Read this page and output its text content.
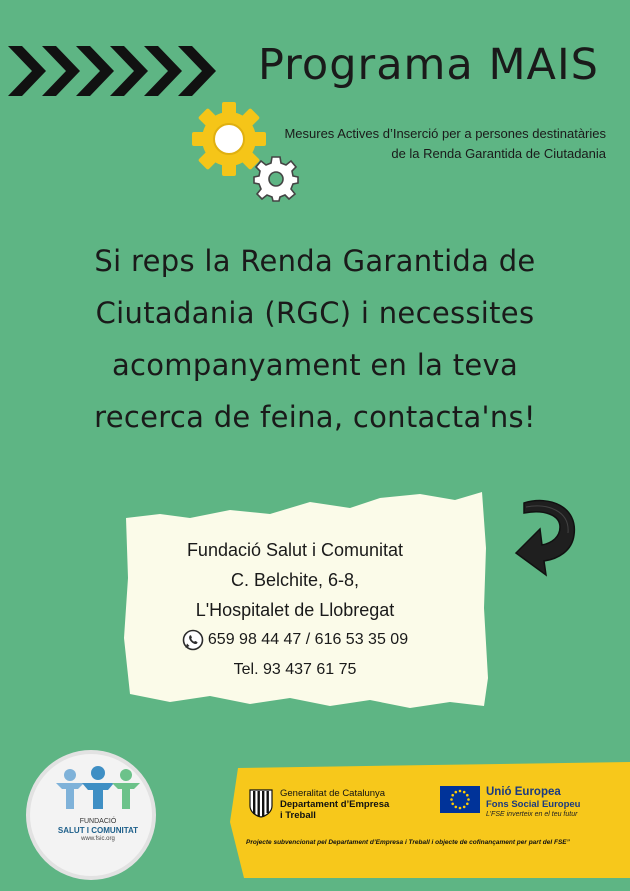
Programa MAIS
Mesures Actives d’Inserció per a persones destinatàries
de la Renda Garantida de Ciutadania
Si reps la Renda Garantida de
Ciutadania (RGC) i necessites
acompanyament en la teva
recerca de feina, contacta'ns!
Fundació Salut i Comunitat
C. Belchite, 6-8,
L'Hospitalet de Llobregat
659 98 44 47 / 616 53 35 09
Tel. 93 437 61 75
FUNDACIÓ
SALUT I COMUNITAT
www.fsic.org
Generalitat de Catalunya
Departament d’Empresa
i Treball
Unió Europea
Fons Social Europeu
L’FSE inverteix en el teu futur
Projecte subvencionat pel Departament d’Empresa i Treball i objecte de cofinançament per part del FSE”
